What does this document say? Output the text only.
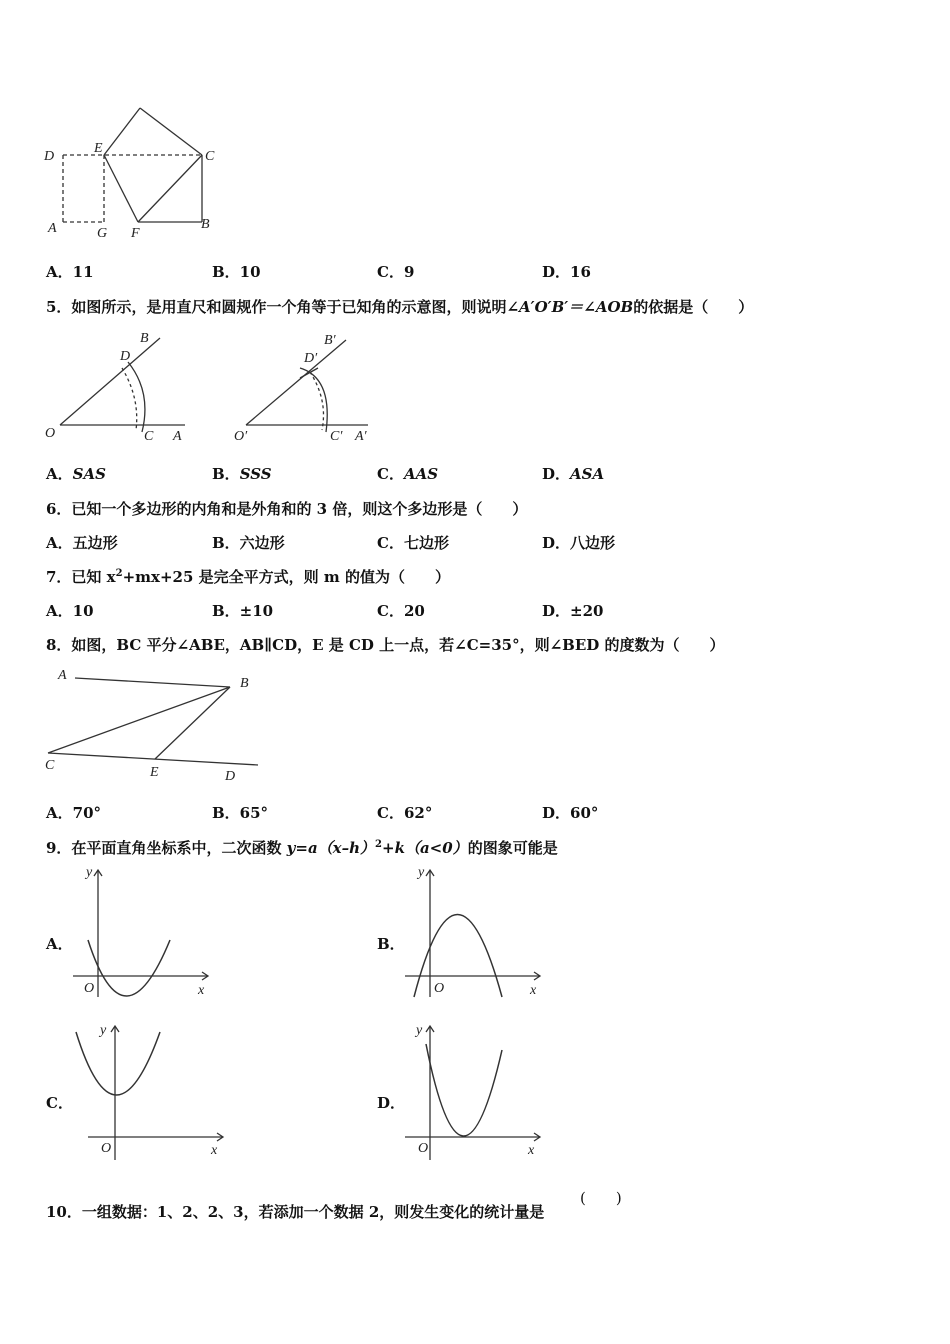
D
E
C
A	G F
B
A．11	B．10	C．9	D．16
5．如图所示，是用直尺和圆规作一个角等于已知角的示意图，则说明∠A′O′B′＝∠AOB的依据是（　　）
B
D
O	C A
B′
D′
O′	C′ A′
A．SAS	B．SSS	C．AAS	D．ASA
6．已知一个多边形的内角和是外角和的 3 倍，则这个多边形是（　　）
A．五边形	B．六边形	C．七边形	D．八边形
7．已知 $x^2+mx+25$ 是完全平方式，则 m 的值为（　　）
A．10	B．±10	C．20	D．±20
8．如图，BC 平分∠ABE，AB∥CD，E 是 CD 上一点，若∠C=35°，则∠BED 的度数为（　　）
A
B
C	E	D
A．70°	B．65°	C．62°	D．60°
9．在平面直角坐标系中，二次函数 $y=a(x-h)^2+k(a<0)$的图象可能是
A．
y
O	x
B．
y
O	x
C．
y
O	x
D．
y
O	x
10．一组数据：1、2、2、3，若添加一个数据 2，则发生变化的统计量是
(　　)
